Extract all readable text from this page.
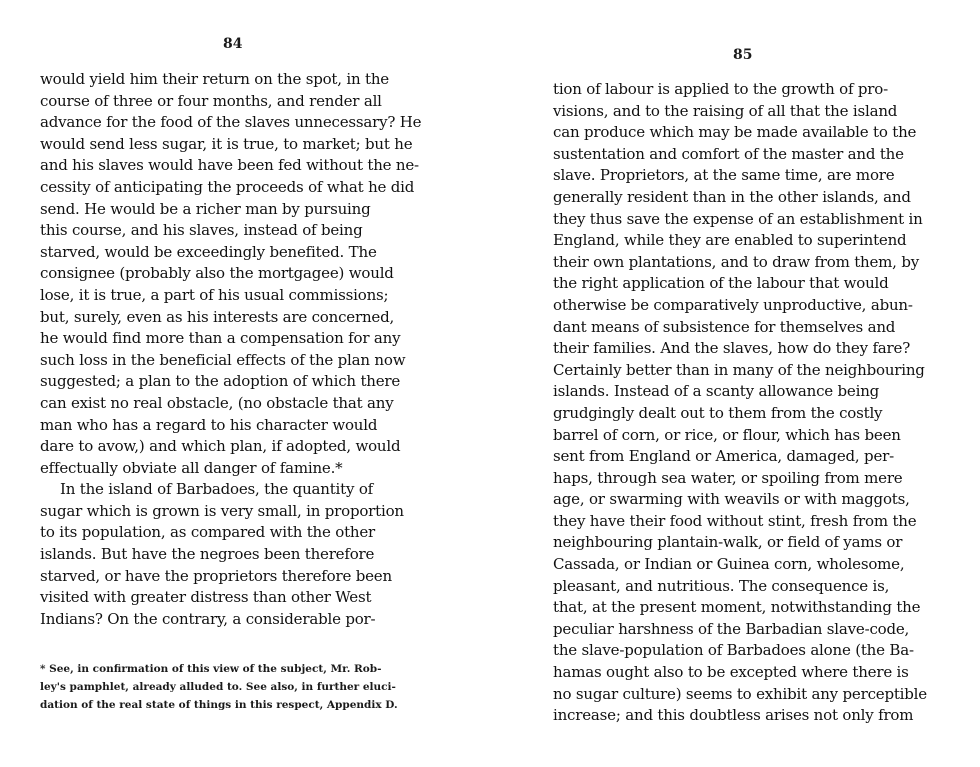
84
would yield him their return on the spot, in the
course of three or four months, and render all
advance for the food of the slaves unnecessary? He
would send less sugar, it is true, to market; but he
and his slaves would have been fed without the ne-
cessity of anticipating the proceeds of what he did
send. He would be a richer man by pursuing
this course, and his slaves, instead of being
starved, would be exceedingly benefited. The
consignee (probably also the mortgagee) would
lose, it is true, a part of his usual commissions;
but, surely, even as his interests are concerned,
he would find more than a compensation for any
such loss in the beneficial effects of the plan now
suggested; a plan to the adoption of which there
can exist no real obstacle, (no obstacle that any
man who has a regard to his character would
dare to avow,) and which plan, if adopted, would
effectually obviate all danger of famine.*
In the island of Barbadoes, the quantity of
sugar which is grown is very small, in proportion
to its population, as compared with the other
islands. But have the negroes been therefore
starved, or have the proprietors therefore been
visited with greater distress than other West
Indians? On the contrary, a considerable por-
* See, in confirmation of this view of the subject, Mr. Rob-
ley's pamphlet, already alluded to. See also, in further eluci-
dation of the real state of things in this respect, Appendix D.
85
tion of labour is applied to the growth of pro-
visions, and to the raising of all that the island
can produce which may be made available to the
sustentation and comfort of the master and the
slave. Proprietors, at the same time, are more
generally resident than in the other islands, and
they thus save the expense of an establishment in
England, while they are enabled to superintend
their own plantations, and to draw from them, by
the right application of the labour that would
otherwise be comparatively unproductive, abun-
dant means of subsistence for themselves and
their families. And the slaves, how do they fare?
Certainly better than in many of the neighbouring
islands. Instead of a scanty allowance being
grudgingly dealt out to them from the costly
barrel of corn, or rice, or flour, which has been
sent from England or America, damaged, per-
haps, through sea water, or spoiling from mere
age, or swarming with weavils or with maggots,
they have their food without stint, fresh from the
neighbouring plantain-walk, or field of yams or
Cassada, or Indian or Guinea corn, wholesome,
pleasant, and nutritious. The consequence is,
that, at the present moment, notwithstanding the
peculiar harshness of the Barbadian slave-code,
the slave-population of Barbadoes alone (the Ba-
hamas ought also to be excepted where there is
no sugar culture) seems to exhibit any perceptible
increase; and this doubtless arises not only from
